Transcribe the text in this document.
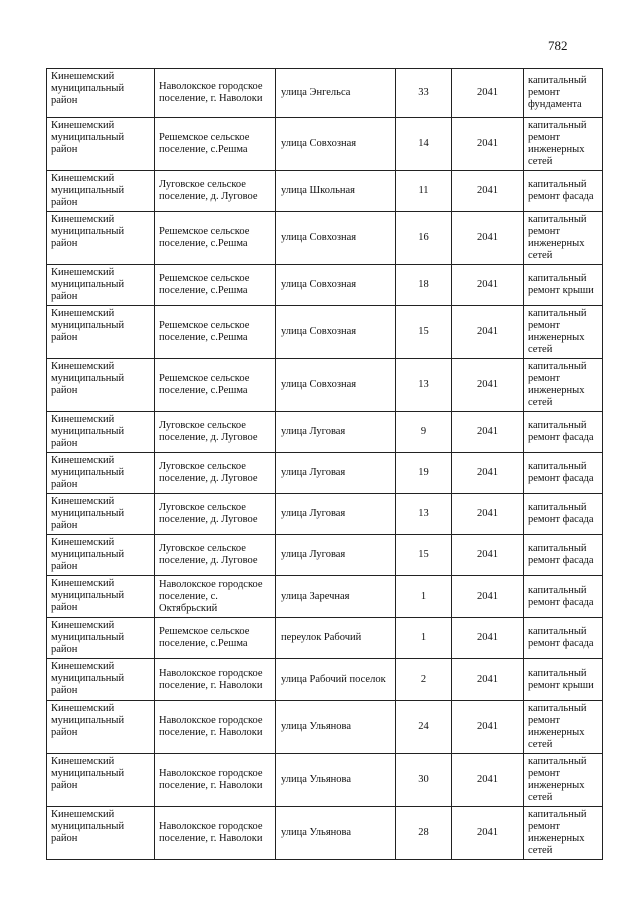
782
Кинешемский муниципальный район	Наволокское городское поселение, г. Наволоки	улица Энгельса	33	2041	капитальный ремонт фундамента
Кинешемский муниципальный район	Решемское сельское поселение, с.Решма	улица Совхозная	14	2041	капитальный ремонт инженерных сетей
Кинешемский муниципальный район	Луговское сельское поселение, д. Луговое	улица Школьная	11	2041	капитальный ремонт фасада
Кинешемский муниципальный район	Решемское сельское поселение, с.Решма	улица Совхозная	16	2041	капитальный ремонт инженерных сетей
Кинешемский муниципальный район	Решемское сельское поселение, с.Решма	улица Совхозная	18	2041	капитальный ремонт крыши
Кинешемский муниципальный район	Решемское сельское поселение, с.Решма	улица Совхозная	15	2041	капитальный ремонт инженерных сетей
Кинешемский муниципальный район	Решемское сельское поселение, с.Решма	улица Совхозная	13	2041	капитальный ремонт инженерных сетей
Кинешемский муниципальный район	Луговское сельское поселение, д. Луговое	улица Луговая	9	2041	капитальный ремонт фасада
Кинешемский муниципальный район	Луговское сельское поселение, д. Луговое	улица Луговая	19	2041	капитальный ремонт фасада
Кинешемский муниципальный район	Луговское сельское поселение, д. Луговое	улица Луговая	13	2041	капитальный ремонт фасада
Кинешемский муниципальный район	Луговское сельское поселение, д. Луговое	улица Луговая	15	2041	капитальный ремонт фасада
Кинешемский муниципальный район	Наволокское городское поселение, с. Октябрьский	улица Заречная	1	2041	капитальный ремонт фасада
Кинешемский муниципальный район	Решемское сельское поселение, с.Решма	переулок Рабочий	1	2041	капитальный ремонт фасада
Кинешемский муниципальный район	Наволокское городское поселение, г. Наволоки	улица Рабочий поселок	2	2041	капитальный ремонт крыши
Кинешемский муниципальный район	Наволокское городское поселение, г. Наволоки	улица Ульянова	24	2041	капитальный ремонт инженерных сетей
Кинешемский муниципальный район	Наволокское городское поселение, г. Наволоки	улица Ульянова	30	2041	капитальный ремонт инженерных сетей
Кинешемский муниципальный район	Наволокское городское поселение, г. Наволоки	улица Ульянова	28	2041	капитальный ремонт инженерных сетей
